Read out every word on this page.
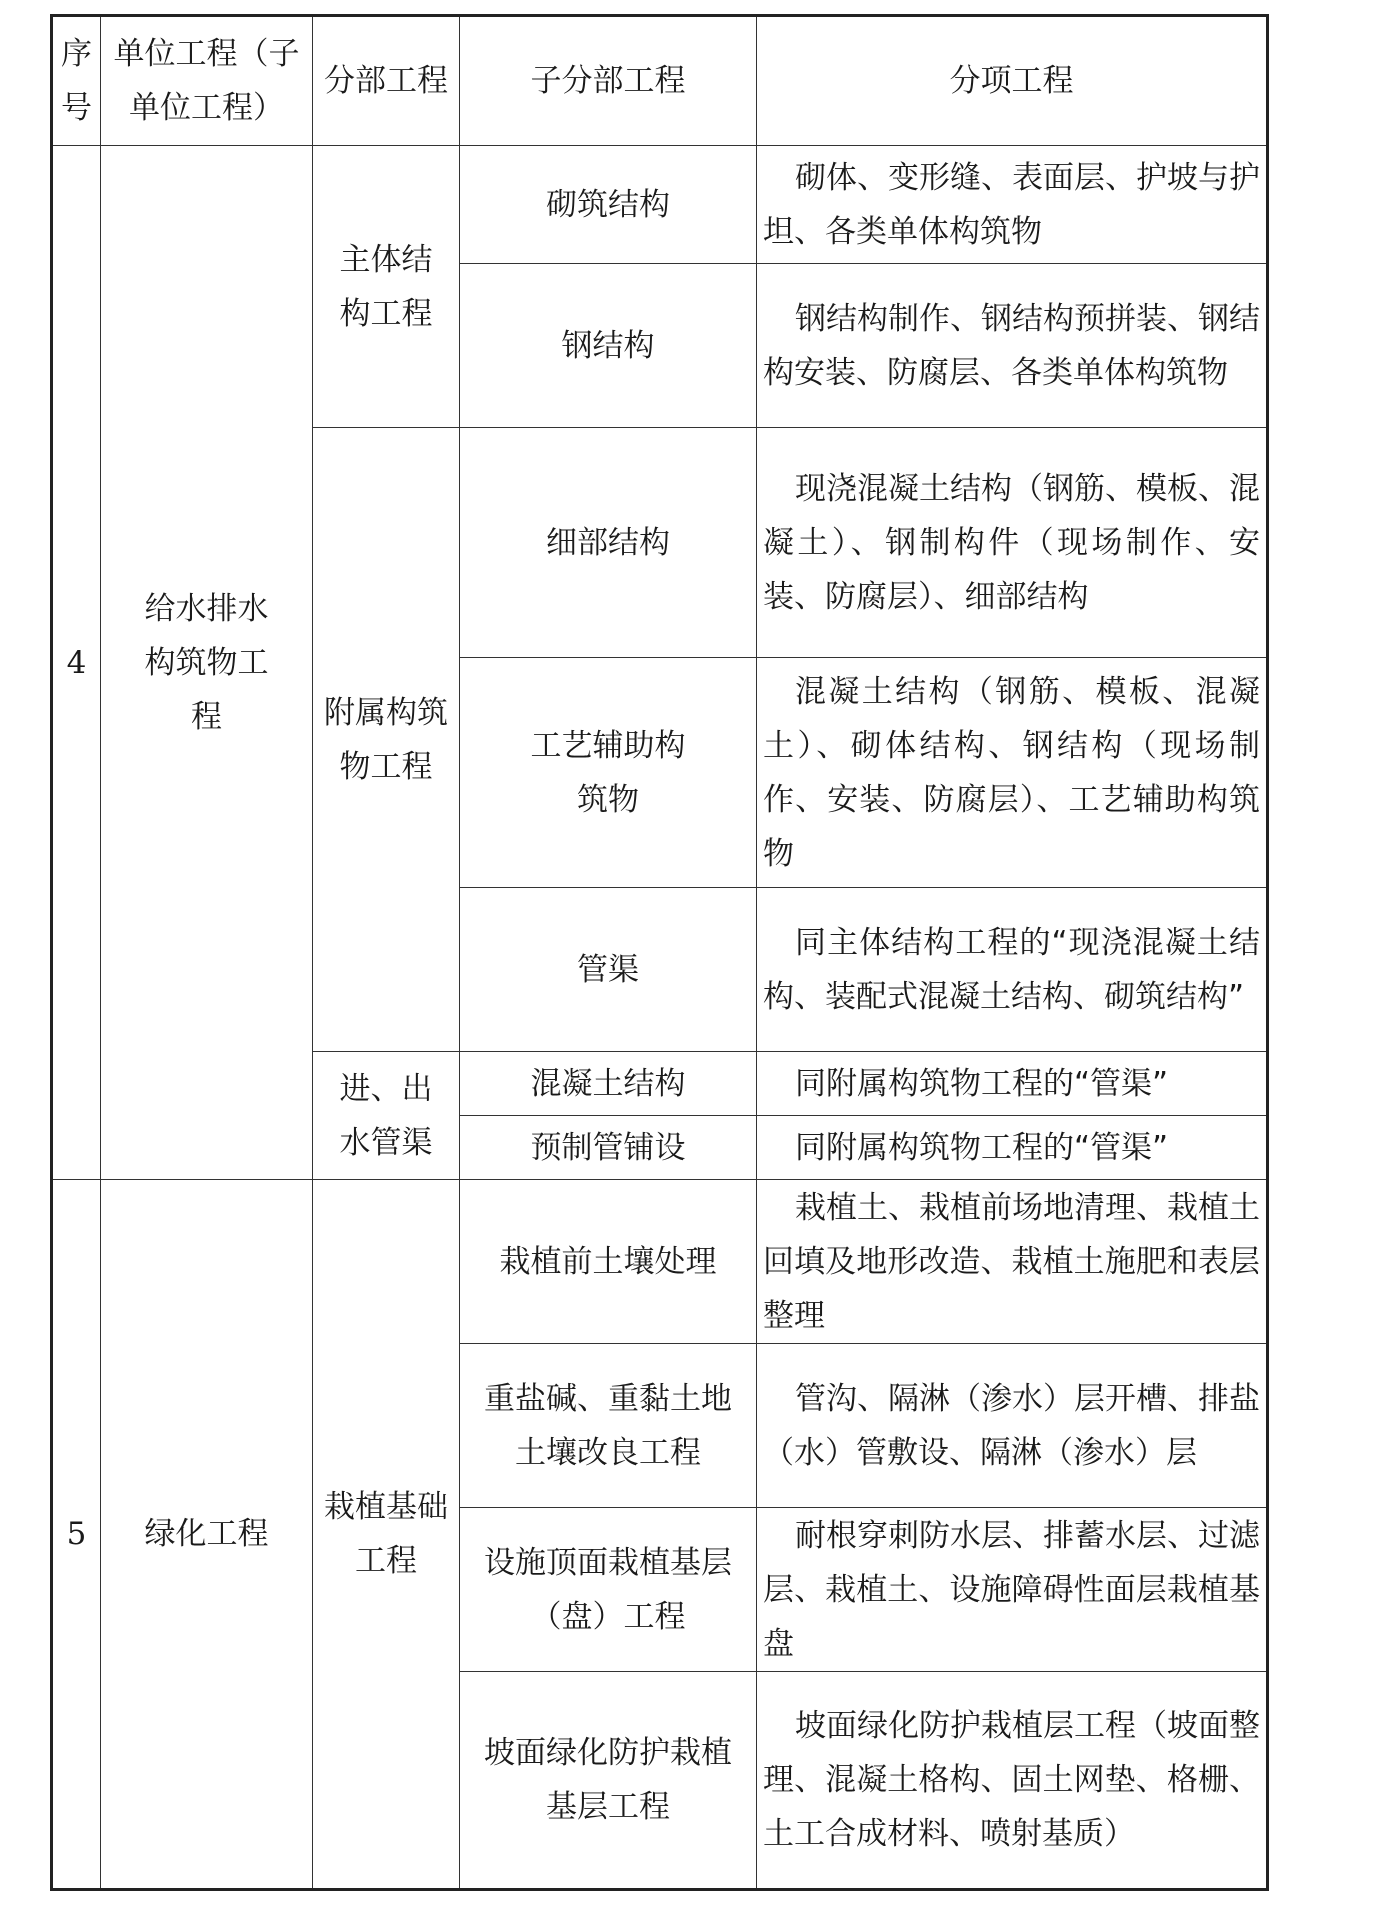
序号	单位工程（子单位工程）	分部工程	子分部工程	分项工程
4	给水排水构筑物工程	主体结构工程	砌筑结构	砌体、变形缝、表面层、护坡与护坦、各类单体构筑物
			钢结构	钢结构制作、钢结构预拼装、钢结构安装、防腐层、各类单体构筑物
		附属构筑物工程	细部结构	现浇混凝土结构（钢筋、模板、混凝土）、钢制构件（现场制作、安装、防腐层）、细部结构
			工艺辅助构筑物	混凝土结构（钢筋、模板、混凝土）、砌体结构、钢结构（现场制作、安装、防腐层）、工艺辅助构筑物
			管渠	同主体结构工程的“现浇混凝土结构、装配式混凝土结构、砌筑结构”
		进、出水管渠	混凝土结构	同附属构筑物工程的“管渠”
			预制管铺设	同附属构筑物工程的“管渠”
5	绿化工程	栽植基础工程	栽植前土壤处理	栽植土、栽植前场地清理、栽植土回填及地形改造、栽植土施肥和表层整理
			重盐碱、重黏土地土壤改良工程	管沟、隔淋（渗水）层开槽、排盐（水）管敷设、隔淋（渗水）层
			设施顶面栽植基层（盘）工程	耐根穿刺防水层、排蓄水层、过滤层、栽植土、设施障碍性面层栽植基盘
			坡面绿化防护栽植基层工程	坡面绿化防护栽植层工程（坡面整理、混凝土格构、固土网垫、格栅、土工合成材料、喷射基质）
